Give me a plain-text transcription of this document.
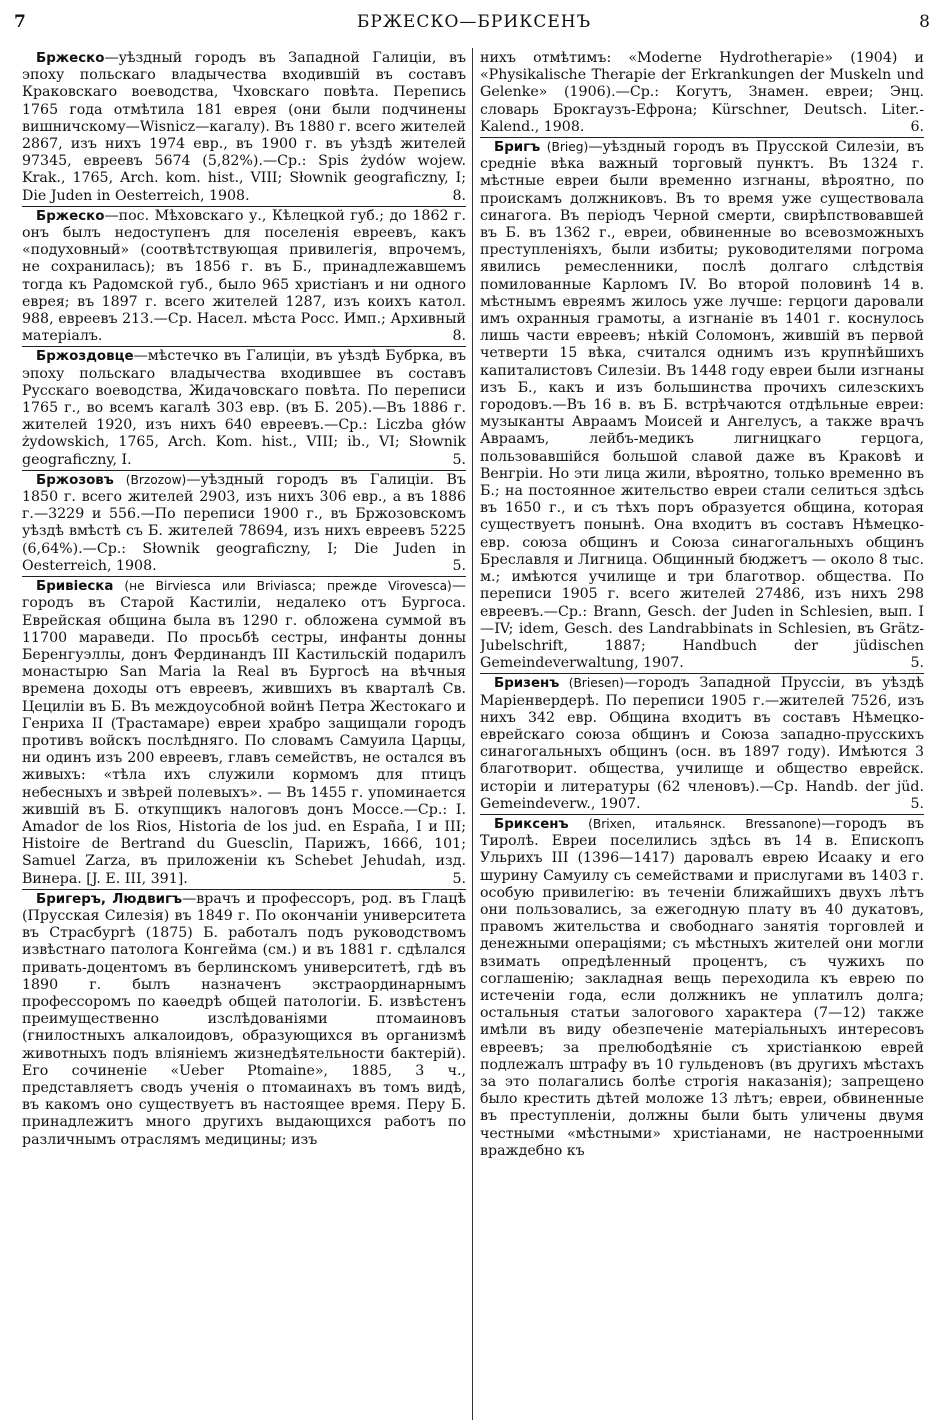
7	БРЖЕСКО—БРИКСЕНЪ	8

Бржеско—уѣздный городъ въ Западной Галиціи, въ эпоху польскаго владычества входившій въ составъ Краковскаго воеводства, Чховскаго повѣта. Перепись 1765 года отмѣтила 181 еврея (они были подчинены вишничскому—Wisnicz—кагалу). Въ 1880 г. всего жителей 2867, изъ нихъ 1974 евр., въ 1900 г. въ уѣздѣ жителей 97345, евреевъ 5674 (5,82%).—Ср.: Spis żydów wojew. Krak., 1765, Arch. kom. hist., VIII; Słownik geograficzny, I; Die Juden in Oesterreich, 1908.	8.

Бржеско—пос. Мѣховскаго у., Кѣлецкой губ.; до 1862 г. онъ былъ недоступенъ для поселенія евреевъ, какъ «подуховный» (соотвѣтствующая привилегія, впрочемъ, не сохранилась); въ 1856 г. въ Б., принадлежавшемъ тогда къ Радомской губ., было 965 христіанъ и ни одного еврея; въ 1897 г. всего жителей 1287, изъ коихъ катол. 988, евреевъ 213.—Ср. Насел. мѣста Росс. Имп.; Архивный матеріалъ.	8.

Бржоздовце—мѣстечко въ Галиціи, въ уѣздѣ Бубрка, въ эпоху польскаго владычества входившее въ составъ Русскаго воеводства, Жидачовскаго повѣта. По переписи 1765 г., во всемъ кагалѣ 303 евр. (въ Б. 205).—Въ 1886 г. жителей 1920, изъ нихъ 640 евреевъ.—Ср.: Liczba głów żydowskich, 1765, Arch. Kom. hist., VIII; ib., VI; Słownik geograficzny, I.	5.

Бржозовъ (Brzozow)—уѣздный городъ въ Галиціи. Въ 1850 г. всего жителей 2903, изъ нихъ 306 евр., а въ 1886 г.—3229 и 556.—По переписи 1900 г., въ Бржозовскомъ уѣздѣ вмѣстѣ съ Б. жителей 78694, изъ нихъ евреевъ 5225 (6,64%).—Ср.: Słownik geograficzny, I; Die Juden in Oesterreich, 1908.	5.

Бривіеска (не Birviesca или Briviasca; прежде Virovesca)—городъ въ Старой Кастиліи, недалеко отъ Бургоса. Еврейская община была въ 1290 г. обложена суммой въ 11700 мараведи. По просьбѣ сестры, инфанты донны Беренгуэллы, донъ Фердинандъ III Кастильскій подарилъ монастырю San Maria la Real въ Бургосѣ на вѣчныя времена доходы отъ евреевъ, жившихъ въ кварталѣ Св. Цециліи въ Б. Въ междоусобной войнѣ Петра Жестокаго и Генриха II (Трастамаре) евреи храбро защищали городъ противъ войскъ послѣдняго. По словамъ Самуила Царцы, ни одинъ изъ 200 евреевъ, главъ семействъ, не остался въ живыхъ: «тѣла ихъ служили кормомъ для птицъ небесныхъ и звѣрей полевыхъ». — Въ 1455 г. упоминается жившій въ Б. откупщикъ налоговъ донъ Моссе.—Ср.: I. Amador de los Rios, Historia de los jud. en España, I и III; Histoire de Bertrand du Guesclin, Парижъ, 1666, 101; Samuel Zarza, въ приложеніи къ Schebet Jehudah, изд. Винера. [J. E. III, 391].	5.

Бригеръ, Людвигъ—врачъ и профессоръ, род. въ Глацѣ (Прусская Силезія) въ 1849 г. По окончаніи университета въ Страсбургѣ (1875) Б. работалъ подъ руководствомъ извѣстнаго патолога Конгейма (см.) и въ 1881 г. сдѣлался привать-доцентомъ въ берлинскомъ университетѣ, гдѣ въ 1890 г. былъ назначенъ экстраординарнымъ профессоромъ по каѳедрѣ общей патологіи. Б. извѣстенъ преимущественно изслѣдованіями птомаиновъ (гнилостныхъ алкалоидовъ, образующихся въ организмѣ животныхъ подъ вліяніемъ жизнедѣятельности бактерій). Его сочиненіе «Ueber Ptomaine», 1885, 3 ч., представляетъ сводъ ученія о птомаинахъ въ томъ видѣ, въ какомъ оно существуетъ въ настоящее время. Перу Б. принадлежитъ много другихъ выдающихся работъ по различнымъ отраслямъ медицины; изъ

нихъ отмѣтимъ: «Moderne Hydrotherapie» (1904) и «Physikalische Therapie der Erkrankungen der Muskeln und Gelenke» (1906).—Ср.: Когутъ, Знамен. евреи; Энц. словарь Брокгаузъ-Ефрона; Kürschner, Deutsch. Liter.-Kalend., 1908.	6.

Бригъ (Brieg)—уѣздный городъ въ Прусской Силезіи, въ средніе вѣка важный торговый пунктъ. Въ 1324 г. мѣстные евреи были временно изгнаны, вѣроятно, по проискамъ должниковъ. Въ то время уже существовала синагога. Въ періодъ Черной смерти, свирѣпствовавшей въ Б. въ 1362 г., евреи, обвиненные во всевозможныхъ преступленіяхъ, были избиты; руководителями погрома явились ремесленники, послѣ долгаго слѣдствія помилованные Карломъ IV. Во второй половинѣ 14 в. мѣстнымъ евреямъ жилось уже лучше: герцоги даровали имъ охранныя грамоты, а изгнаніе въ 1401 г. коснулось лишь части евреевъ; нѣкій Соломонъ, жившій въ первой четверти 15 вѣка, считался однимъ изъ крупнѣйшихъ капиталистовъ Силезіи. Въ 1448 году евреи были изгнаны изъ Б., какъ и изъ большинства прочихъ силезскихъ городовъ.—Въ 16 в. въ Б. встрѣчаются отдѣльные евреи: музыканты Авраамъ Моисей и Ангелусъ, а также врачъ Авраамъ, лейбъ-медикъ лигницкаго герцога, пользовавшійся большой славой даже въ Краковѣ и Венгріи. Но эти лица жили, вѣроятно, только временно въ Б.; на постоянное жительство евреи стали селиться здѣсь въ 1650 г., и съ тѣхъ поръ образуется община, которая существуетъ понынѣ. Она входитъ въ составъ Нѣмецко-евр. союза общинъ и Союза синагогальныхъ общинъ Бреславля и Лигница. Общинный бюджетъ — около 8 тыс. м.; имѣются училище и три благотвор. общества. По переписи 1905 г. всего жителей 27486, изъ нихъ 298 евреевъ.—Ср.: Brann, Gesch. der Juden in Schlesien, вып. I—IV; idem, Gesch. des Landrabbinats in Schlesien, въ Grätz-Jubelschrift, 1887; Handbuch der jüdischen Gemeindeverwaltung, 1907.	5.

Бризенъ (Briesen)—городъ Западной Пруссіи, въ уѣздѣ Маріенвердерѣ. По переписи 1905 г.—жителей 7526, изъ нихъ 342 евр. Община входитъ въ составъ Нѣмецко-еврейскаго союза общинъ и Союза западно-прусскихъ синагогальныхъ общинъ (осн. въ 1897 году). Имѣются 3 благотворит. общества, училище и общество еврейск. исторіи и литературы (62 членовъ).—Ср. Handb. der jüd. Gemeindeverw., 1907.	5.

Бриксенъ (Brixen, итальянск. Bressanone)—городъ въ Тиролѣ. Евреи поселились здѣсь въ 14 в. Епископъ Ульрихъ III (1396—1417) даровалъ еврею Исааку и его шурину Самуилу съ семействами и прислугами въ 1403 г. особую привилегію: въ теченіи ближайшихъ двухъ лѣтъ они пользовались, за ежегодную плату въ 40 дукатовъ, правомъ жительства и свободнаго занятія торговлей и денежными операціями; съ мѣстныхъ жителей они могли взимать опредѣленный процентъ, съ чужихъ по соглашенію; закладная вещь переходила къ еврею по истеченіи года, если должникъ не уплатилъ долга; остальныя статьи залогового характера (7—12) также имѣли въ виду обезпеченіе матеріальныхъ интересовъ евреевъ; за прелюбодѣяніе съ христіанкою еврей подлежалъ штрафу въ 10 гульденовъ (въ другихъ мѣстахъ за это полагались болѣе строгія наказанія); запрещено было крестить дѣтей моложе 13 лѣтъ; евреи, обвиненные въ преступленіи, должны были быть уличены двумя честными «мѣстными» христіанами, не настроенными враждебно къ
